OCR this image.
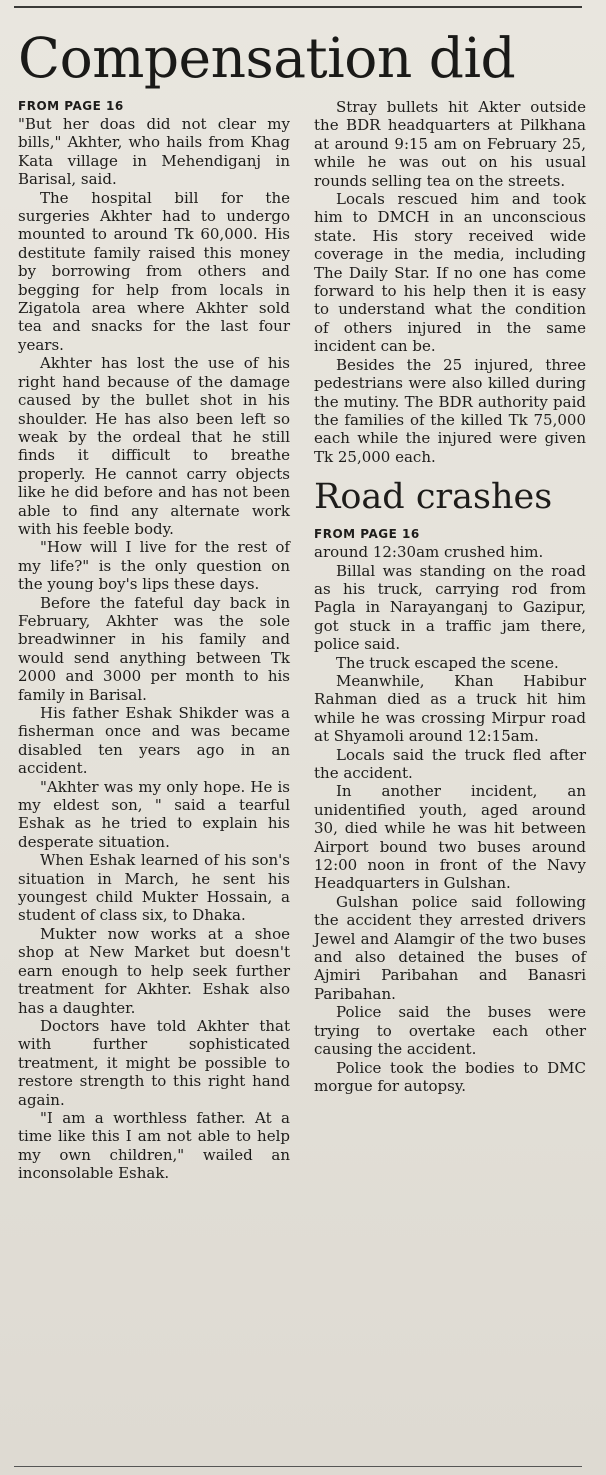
Compensation did
FROM PAGE 16

"But her doas did not clear my bills," Akhter, who hails from Khag Kata village in Mehendiganj in Barisal, said.

The hospital bill for the surgeries Akhter had to undergo mounted to around Tk 60,000. His destitute family raised this money by borrowing from others and begging for help from locals in Zigatola area where Akhter sold tea and snacks for the last four years.

Akhter has lost the use of his right hand because of the damage caused by the bullet shot in his shoulder. He has also been left so weak by the ordeal that he still finds it difficult to breathe properly. He cannot carry objects like he did before and has not been able to find any alternate work with his feeble body.

"How will I live for the rest of my life?" is the only question on the young boy's lips these days.

Before the fateful day back in February, Akhter was the sole breadwinner in his family and would send anything between Tk 2000 and 3000 per month to his family in Barisal.

His father Eshak Shikder was a fisherman once and was became disabled ten years ago in an accident.

"Akhter was my only hope. He is my eldest son, " said a tearful Eshak as he tried to explain his desperate situation.

When Eshak learned of his son's situation in March, he sent his youngest child Mukter Hossain, a student of class six, to Dhaka.

Mukter now works at a shoe shop at New Market but doesn't earn enough to help seek further treatment for Akhter. Eshak also has a daughter.

Doctors have told Akhter that with further sophisticated treatment, it might be possible to restore strength to this right hand again.

"I am a worthless father. At a time like this I am not able to help my own children," wailed an inconsolable Eshak.

Stray bullets hit Akter outside the BDR headquarters at Pilkhana at around 9:15 am on February 25, while he was out on his usual rounds selling tea on the streets.

Locals rescued him and took him to DMCH in an unconscious state. His story received wide coverage in the media, including The Daily Star. If no one has come forward to his help then it is easy to understand what the condition of others injured in the same incident can be.

Besides the 25 injured, three pedestrians were also killed during the mutiny. The BDR authority paid the families of the killed Tk 75,000 each while the injured were given Tk 25,000 each.

Road crashes
FROM PAGE 16

around 12:30am crushed him.

Billal was standing on the road as his truck, carrying rod from Pagla in Narayanganj to Gazipur, got stuck in a traffic jam there, police said.

The truck escaped the scene.

Meanwhile, Khan Habibur Rahman died as a truck hit him while he was crossing Mirpur road at Shyamoli around 12:15am.

Locals said the truck fled after the accident.

In another incident, an unidentified youth, aged around 30, died while he was hit between Airport bound two buses around 12:00 noon in front of the Navy Headquarters in Gulshan.

Gulshan police said following the accident they arrested drivers Jewel and Alamgir of the two buses and also detained the buses of Ajmiri Paribahan and Banasri Paribahan.

Police said the buses were trying to overtake each other causing the accident.

Police took the bodies to DMC morgue for autopsy.
